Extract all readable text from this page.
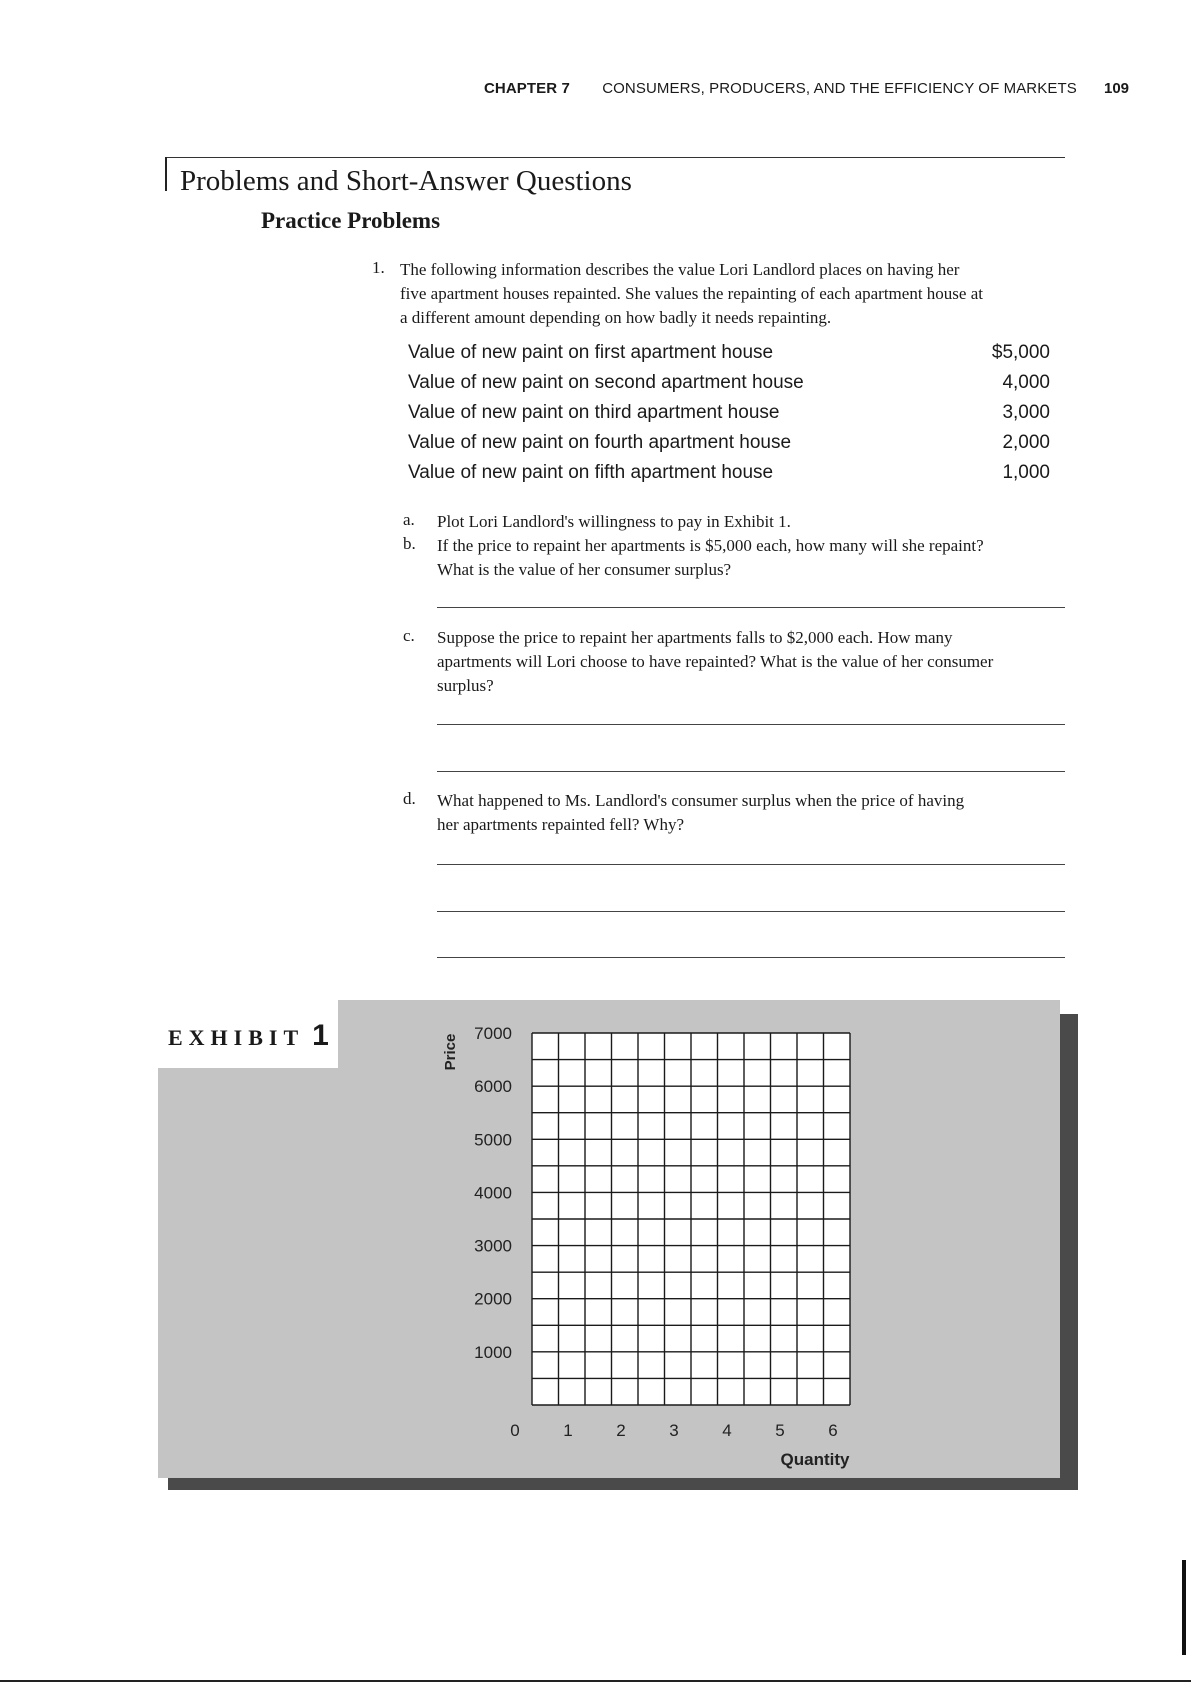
CHAPTER 7 CONSUMERS, PRODUCERS, AND THE EFFICIENCY OF MARKETS 109
Problems and Short-Answer Questions
Practice Problems
1. The following information describes the value Lori Landlord places on having her
five apartment houses repainted. She values the repainting of each apartment house at
a different amount depending on how badly it needs repainting.
Value of new paint on first apartment house	$5,000
Value of new paint on second apartment house	4,000
Value of new paint on third apartment house	3,000
Value of new paint on fourth apartment house	2,000
Value of new paint on fifth apartment house	1,000
a. Plot Lori Landlord's willingness to pay in Exhibit 1.
b. If the price to repaint her apartments is $5,000 each, how many will she repaint?
What is the value of her consumer surplus?
c. Suppose the price to repaint her apartments falls to $2,000 each. How many
apartments will Lori choose to have repainted? What is the value of her consumer
surplus?
d. What happened to Ms. Landlord's consumer surplus when the price of having
her apartments repainted fell? Why?
EXHIBIT 1
1000
2000
3000
4000
5000
6000
7000
0	1	2	3	4	5	6
Quantity
Price
